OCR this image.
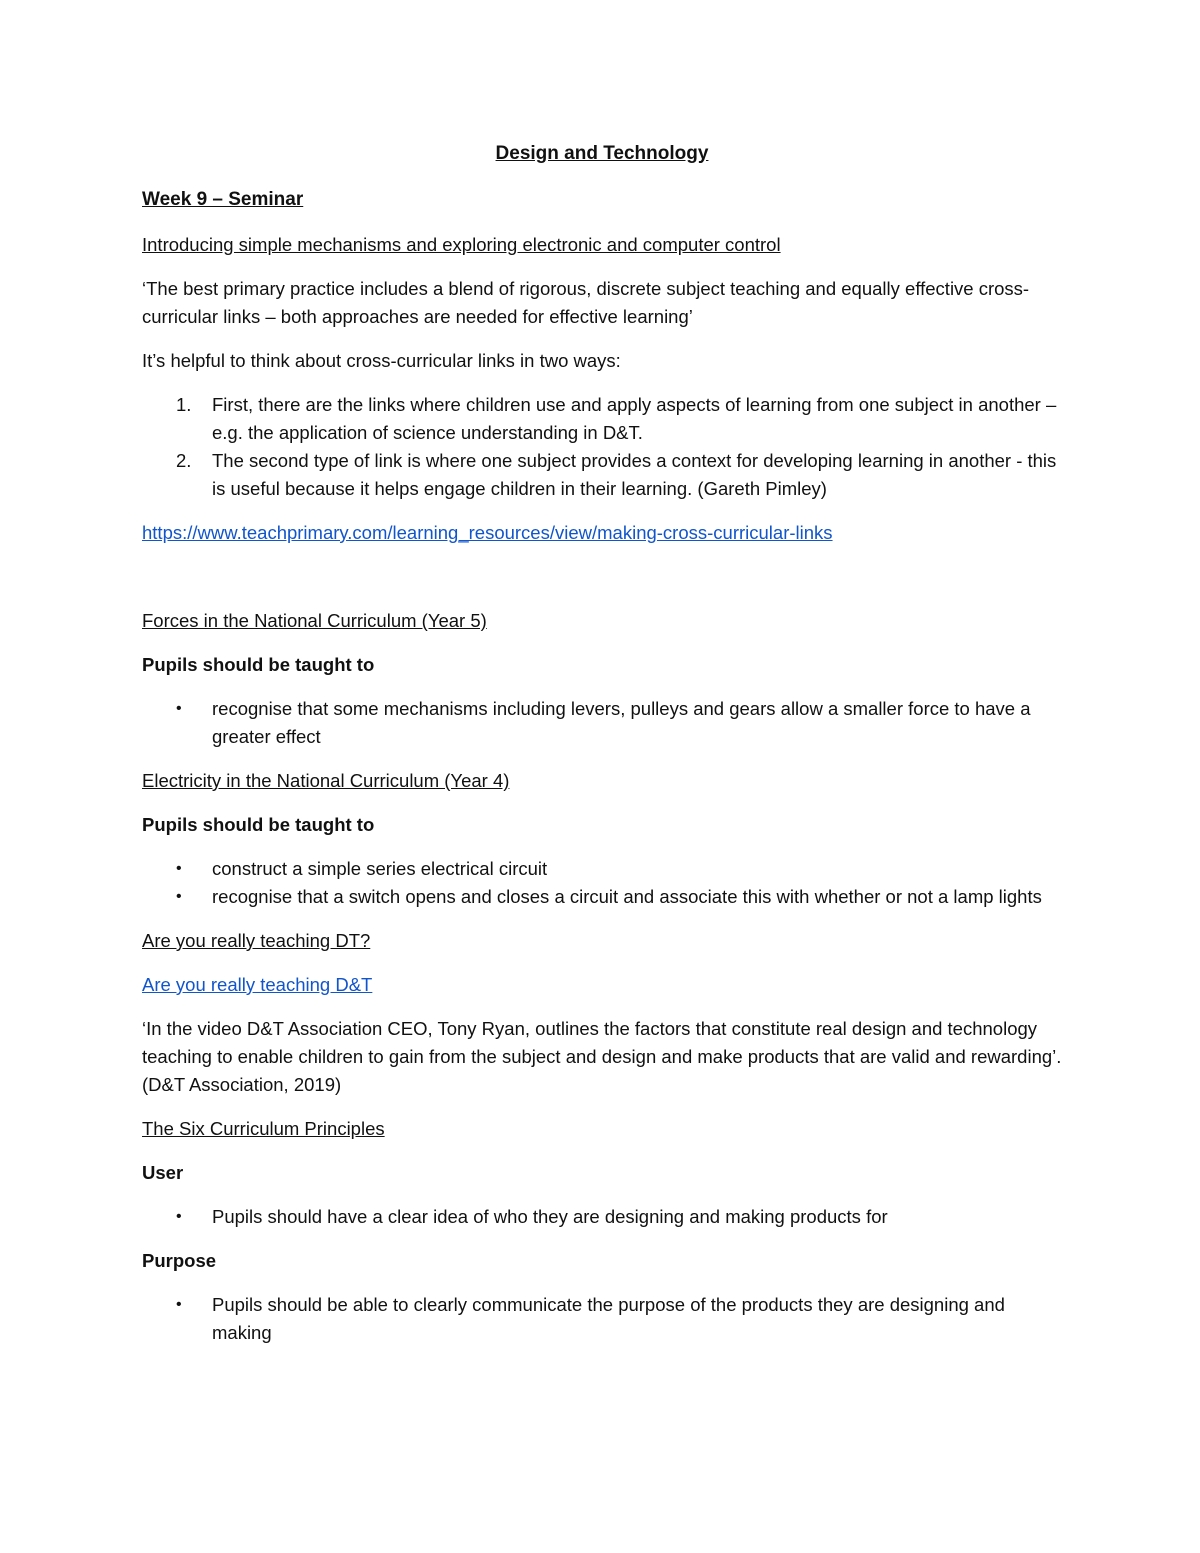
Design and Technology
Week 9 – Seminar

Introducing simple mechanisms and exploring electronic and computer control

‘The best primary practice includes a blend of rigorous, discrete subject teaching and equally effective cross-curricular links – both approaches are needed for effective learning’

It’s helpful to think about cross-curricular links in two ways:

1. First, there are the links where children use and apply aspects of learning from one subject in another – e.g. the application of science understanding in D&T.
2. The second type of link is where one subject provides a context for developing learning in another - this is useful because it helps engage children in their learning. (Gareth Pimley)

https://www.teachprimary.com/learning_resources/view/making-cross-curricular-links

Forces in the National Curriculum (Year 5)

Pupils should be taught to

• recognise that some mechanisms including levers, pulleys and gears allow a smaller force to have a greater effect

Electricity in the National Curriculum (Year 4)

Pupils should be taught to

• construct a simple series electrical circuit
• recognise that a switch opens and closes a circuit and associate this with whether or not a lamp lights

Are you really teaching DT?

Are you really teaching D&T

‘In the video D&T Association CEO, Tony Ryan, outlines the factors that constitute real design and technology teaching to enable children to gain from the subject and design and make products that are valid and rewarding’. (D&T Association, 2019)

The Six Curriculum Principles

User

• Pupils should have a clear idea of who they are designing and making products for

Purpose

• Pupils should be able to clearly communicate the purpose of the products they are designing and making
